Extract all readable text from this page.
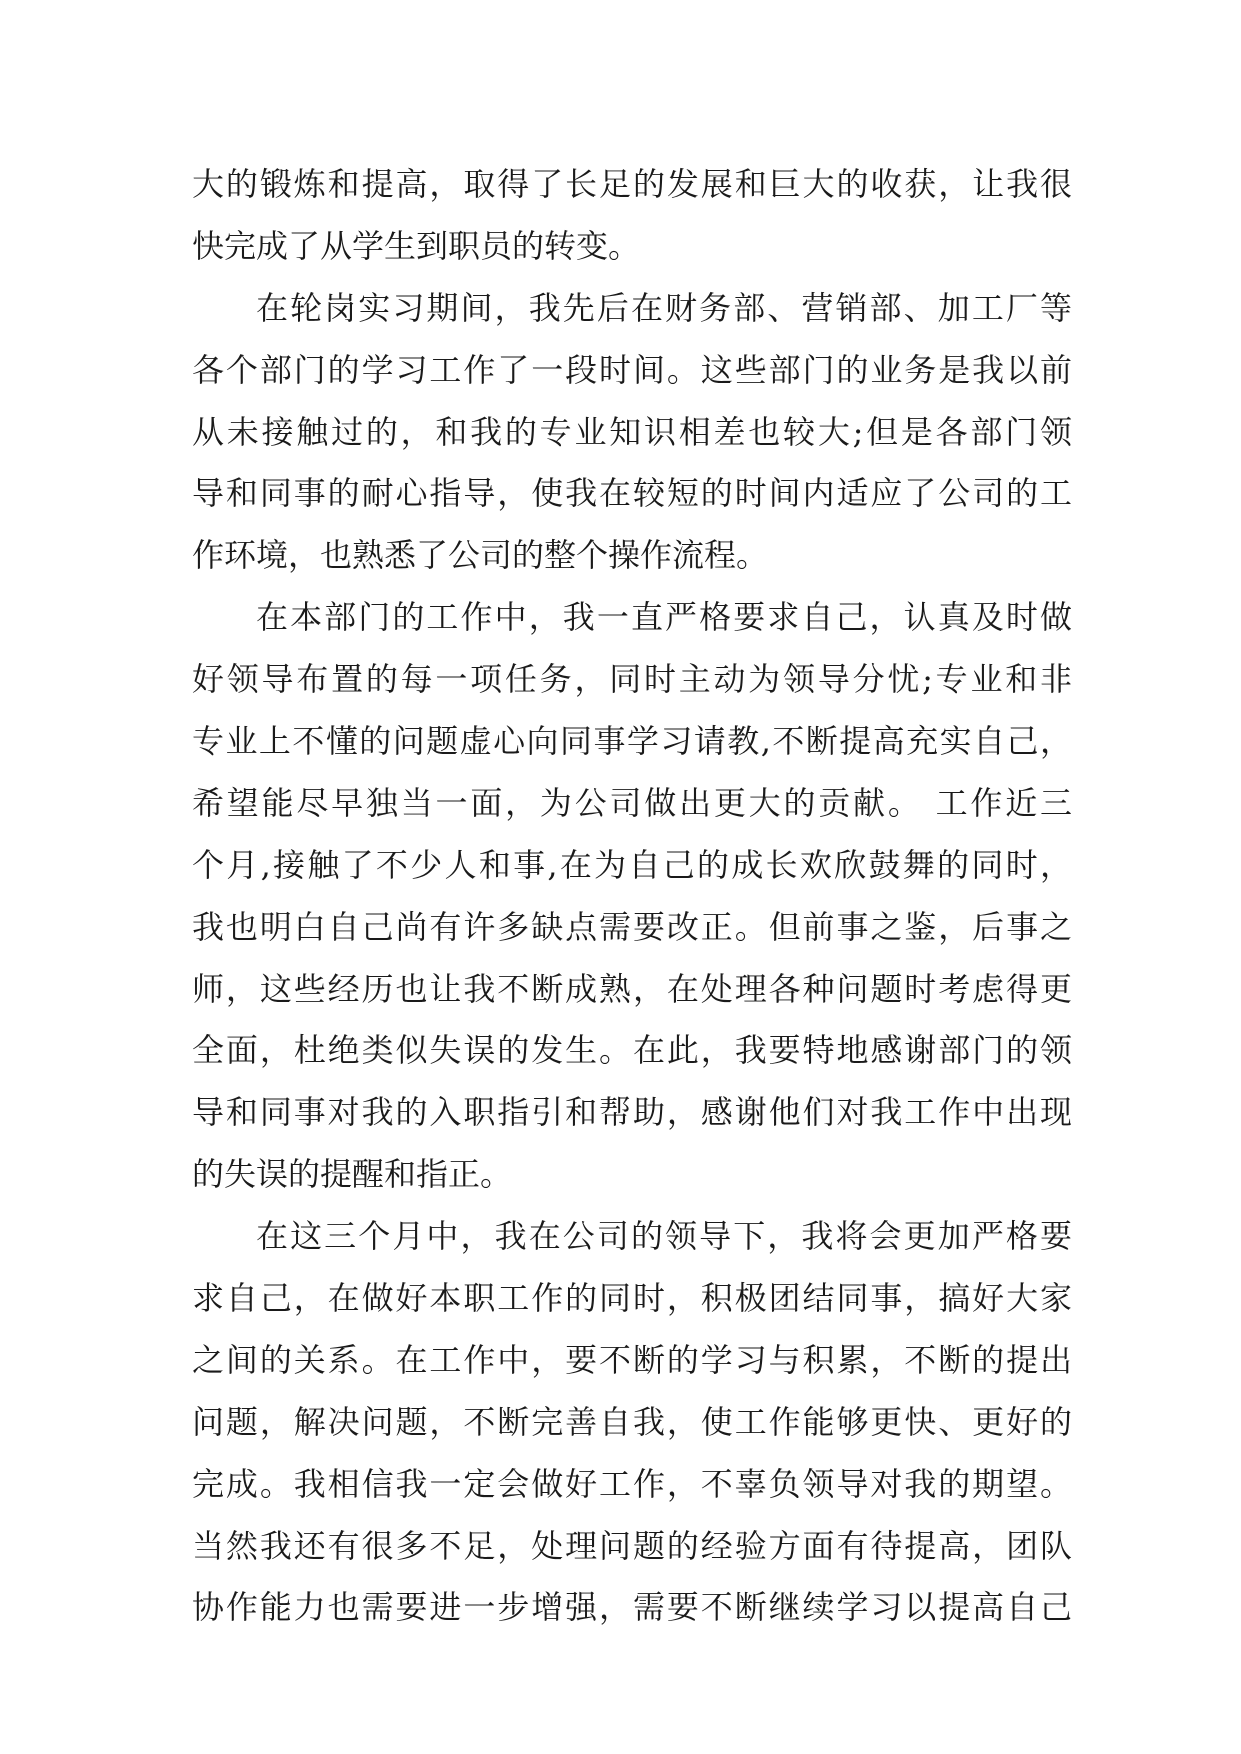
大的锻炼和提高，取得了长足的发展和巨大的收获，让我很
快完成了从学生到职员的转变。
在轮岗实习期间，我先后在财务部、营销部、加工厂等
各个部门的学习工作了一段时间。这些部门的业务是我以前
从未接触过的，和我的专业知识相差也较大;但是各部门领
导和同事的耐心指导，使我在较短的时间内适应了公司的工
作环境，也熟悉了公司的整个操作流程。
在本部门的工作中，我一直严格要求自己，认真及时做
好领导布置的每一项任务，同时主动为领导分忧;专业和非
专业上不懂的问题虚心向同事学习请教,不断提高充实自己，
希望能尽早独当一面，为公司做出更大的贡献。 工作近三
个月,接触了不少人和事,在为自己的成长欢欣鼓舞的同时，
我也明白自己尚有许多缺点需要改正。但前事之鉴，后事之
师，这些经历也让我不断成熟，在处理各种问题时考虑得更
全面，杜绝类似失误的发生。在此，我要特地感谢部门的领
导和同事对我的入职指引和帮助，感谢他们对我工作中出现
的失误的提醒和指正。
在这三个月中，我在公司的领导下，我将会更加严格要
求自己，在做好本职工作的同时，积极团结同事，搞好大家
之间的关系。在工作中，要不断的学习与积累，不断的提出
问题，解决问题，不断完善自我，使工作能够更快、更好的
完成。我相信我一定会做好工作，不辜负领导对我的期望。
当然我还有很多不足，处理问题的经验方面有待提高，团队
协作能力也需要进一步增强，需要不断继续学习以提高自己
